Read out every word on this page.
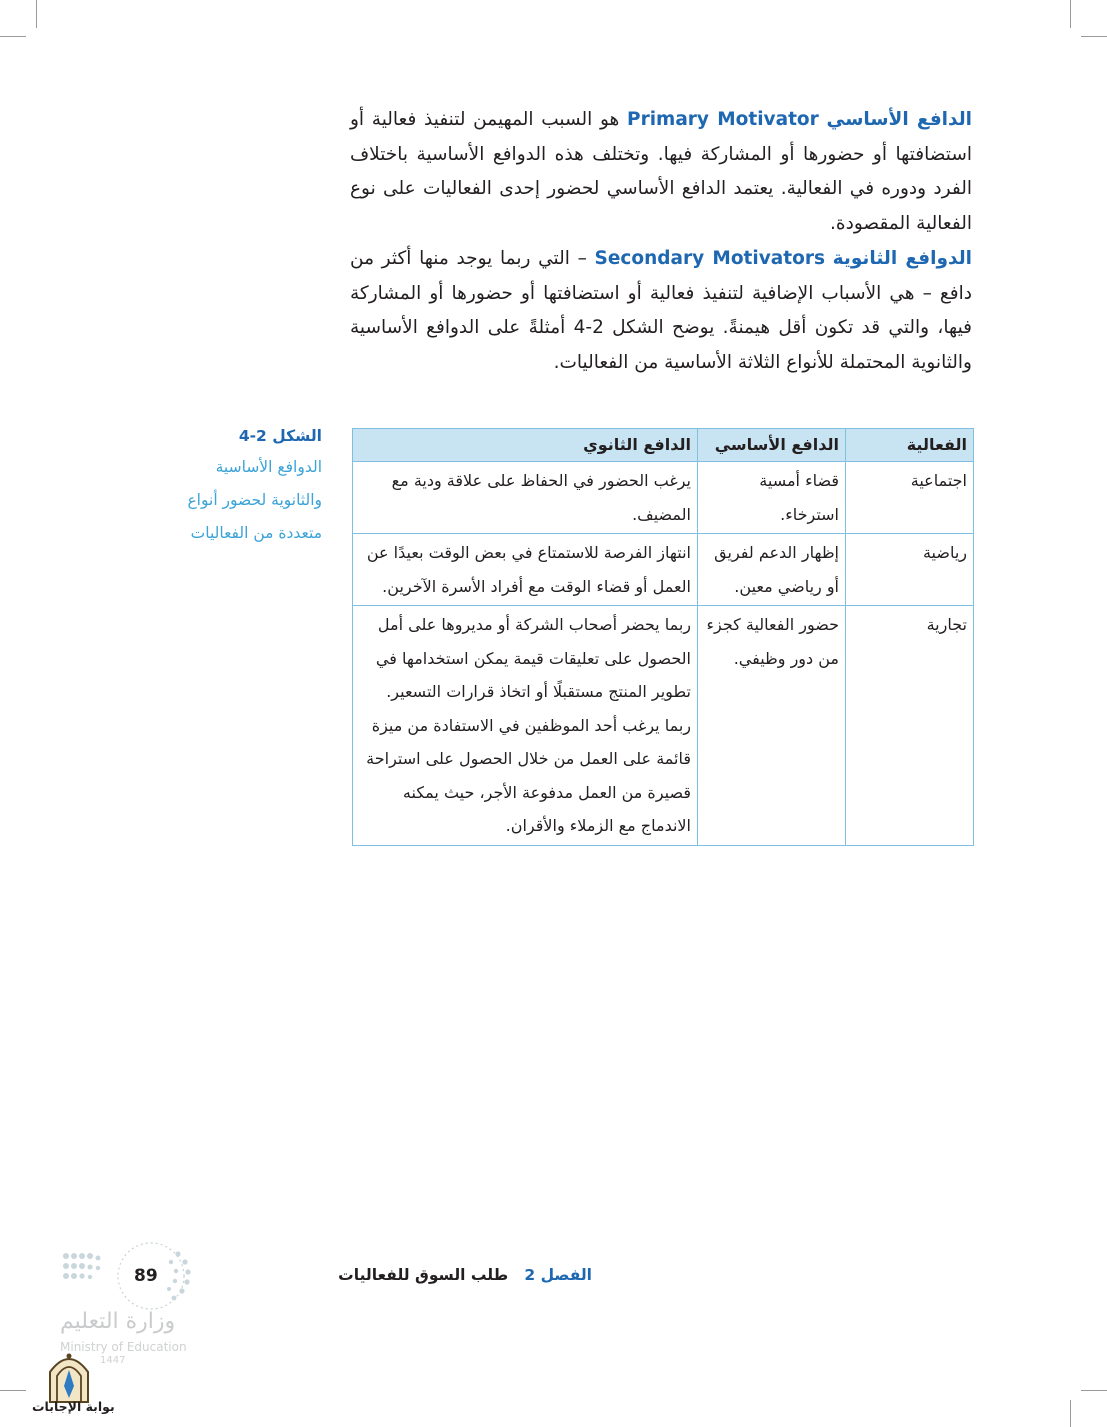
الدافع الأساسي Primary Motivator هو السبب المهيمن لتنفيذ فعالية أو استضافتها أو حضورها أو المشاركة فيها. وتختلف هذه الدوافع الأساسية باختلاف الفرد ودوره في الفعالية. يعتمد الدافع الأساسي لحضور إحدى الفعاليات على نوع الفعالية المقصودة.

الدوافع الثانوية Secondary Motivators – التي ربما يوجد منها أكثر من دافع – هي الأسباب الإضافية لتنفيذ فعالية أو استضافتها أو حضورها أو المشاركة فيها، والتي قد تكون أقل هيمنةً. يوضح الشكل 2-4 أمثلةً على الدوافع الأساسية والثانوية المحتملة للأنواع الثلاثة الأساسية من الفعاليات.

الشكل 2-4
الدوافع الأساسية
والثانوية لحضور أنواع
متعددة من الفعاليات
الفعالية	الدافع الأساسي	الدافع الثانوي
اجتماعية	قضاء أمسية استرخاء.	يرغب الحضور في الحفاظ على علاقة ودية مع المضيف.
رياضية	إظهار الدعم لفريق أو رياضي معين.	انتهاز الفرصة للاستمتاع في بعض الوقت بعيدًا عن العمل أو قضاء الوقت مع أفراد الأسرة الآخرين.
تجارية	حضور الفعالية كجزء من دور وظيفي.	ربما يحضر أصحاب الشركة أو مديروها على أمل الحصول على تعليقات قيمة يمكن استخدامها في تطوير المنتج مستقبلًا أو اتخاذ قرارات التسعير. ربما يرغب أحد الموظفين في الاستفادة من ميزة قائمة على العمل من خلال الحصول على استراحة قصيرة من العمل مدفوعة الأجر، حيث يمكنه الاندماج مع الزملاء والأقران.
الفصل 2   طلب السوق للفعاليات
89
وزارة التعليم
Ministry of Education
1447
بوابة الإجابات
